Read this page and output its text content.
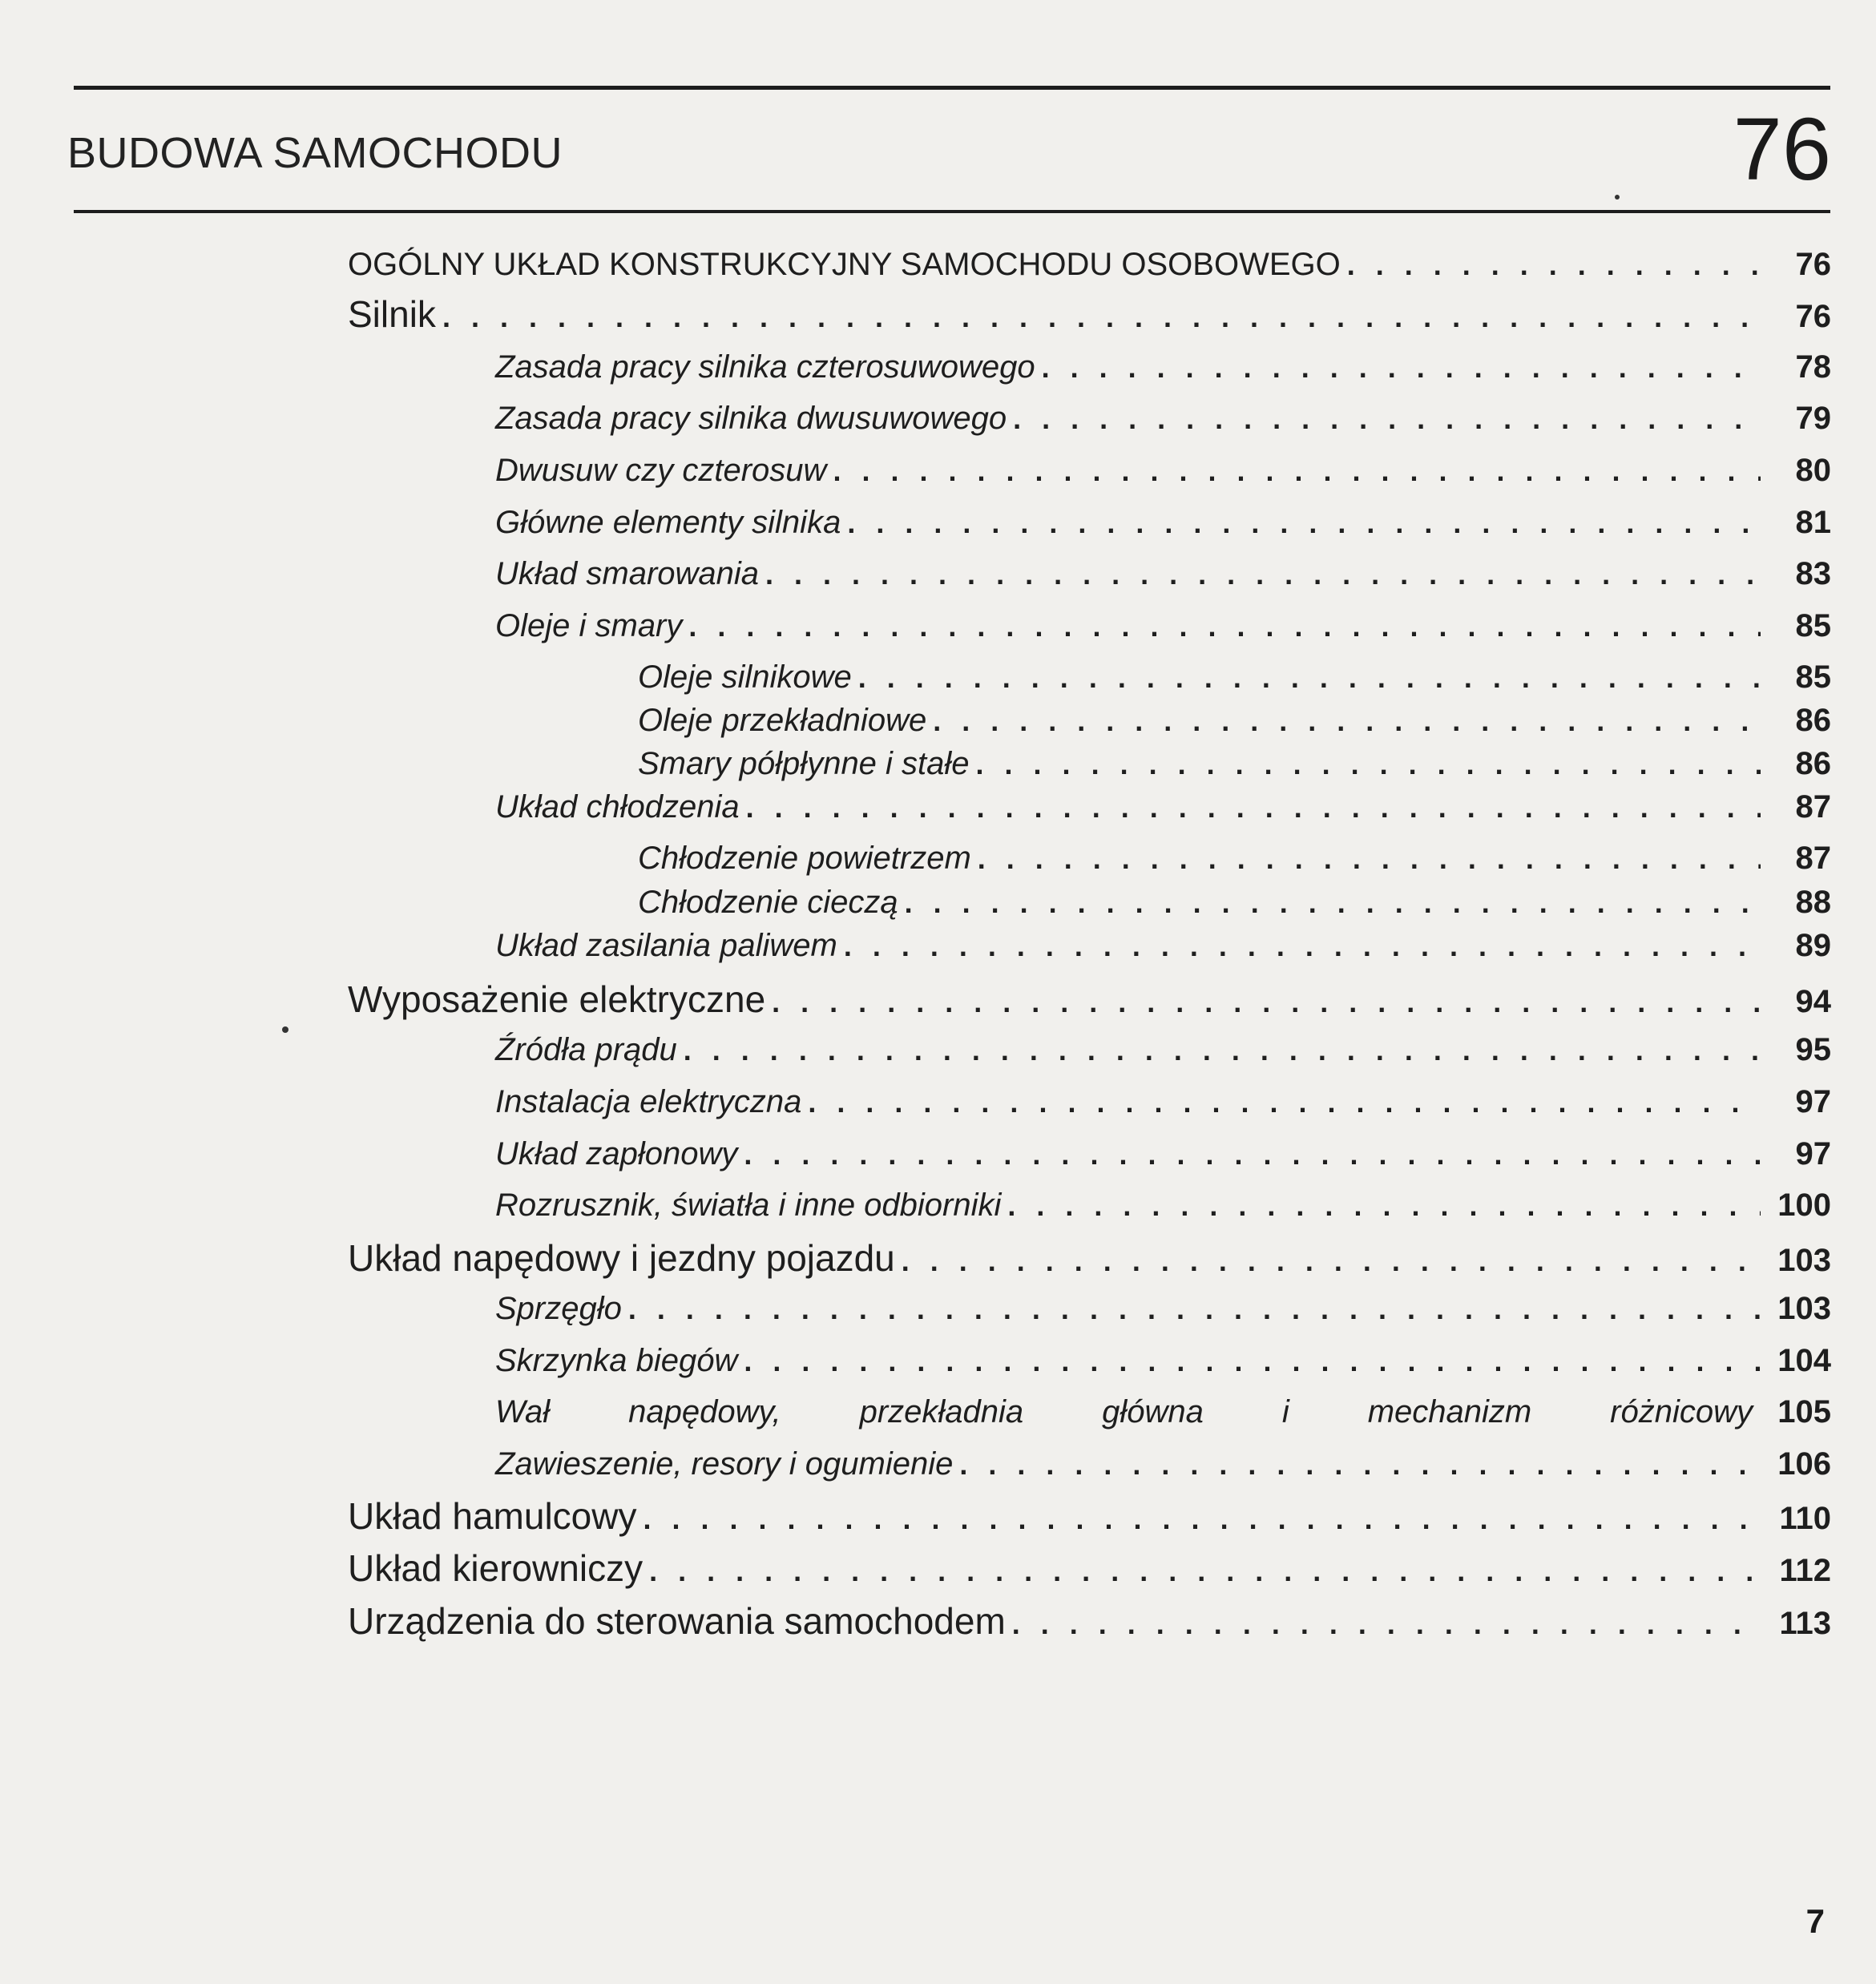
BUDOWA SAMOCHODU	76
OGÓLNY UKŁAD KONSTRUKCYJNY SAMOCHODU OSOBOWEGO . . .	76
Silnik . . .	76
Zasada pracy silnika czterosuwowego . . .	78
Zasada pracy silnika dwusuwowego . . .	79
Dwusuw czy czterosuw . . .	80
Główne elementy silnika . . .	81
Układ smarowania . . .	83
Oleje i smary . . .	85
Oleje silnikowe . . .	85
Oleje przekładniowe . . .	86
Smary półpłynne i stałe . . .	86
Układ chłodzenia . . .	87
Chłodzenie powietrzem . . .	87
Chłodzenie cieczą . . .	88
Układ zasilania paliwem . . .	89
Wyposażenie elektryczne . . .	94
Źródła prądu . . .	95
Instalacja elektryczna . . .	97
Układ zapłonowy . . .	97
Rozrusznik, światła i inne odbiorniki . . .	100
Układ napędowy i jezdny pojazdu . . .	103
Sprzęgło . . .	103
Skrzynka biegów . . .	104
Wał napędowy, przekładnia główna i mechanizm różnicowy 105
Zawieszenie, resory i ogumienie . . .	106
Układ hamulcowy . . .	110
Układ kierowniczy . . .	112
Urządzenia do sterowania samochodem . . .	113
7
